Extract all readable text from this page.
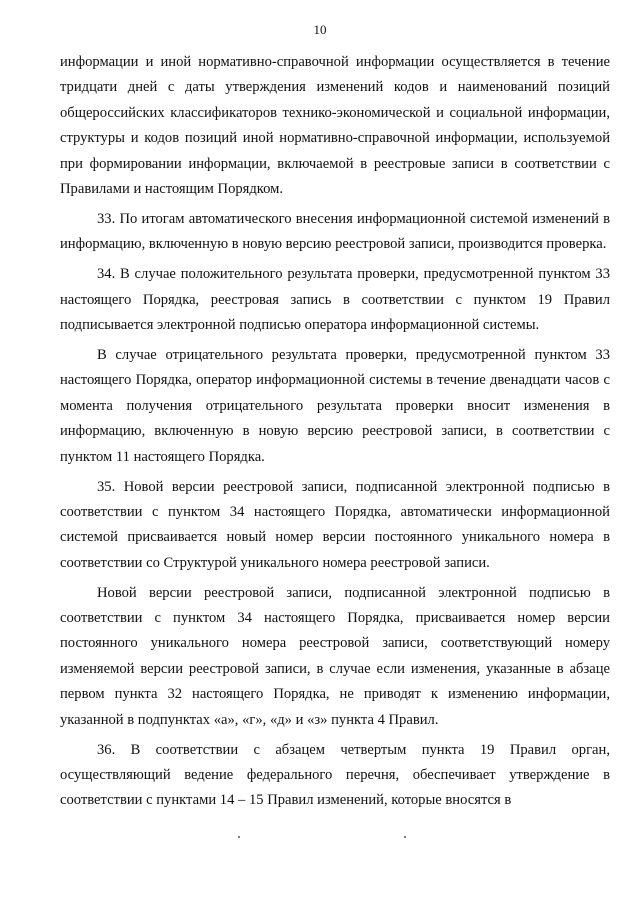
10

информации и иной нормативно-справочной информации осуществляется в течение тридцати дней с даты утверждения изменений кодов и наименований позиций общероссийских классификаторов технико-экономической и социальной информации, структуры и кодов позиций иной нормативно-справочной информации, используемой при формировании информации, включаемой в реестровые записи в соответствии с Правилами и настоящим Порядком.

33. По итогам автоматического внесения информационной системой изменений в информацию, включенную в новую версию реестровой записи, производится проверка.

34. В случае положительного результата проверки, предусмотренной пунктом 33 настоящего Порядка, реестровая запись в соответствии с пунктом 19 Правил подписывается электронной подписью оператора информационной системы.

В случае отрицательного результата проверки, предусмотренной пунктом 33 настоящего Порядка, оператор информационной системы в течение двенадцати часов с момента получения отрицательного результата проверки вносит изменения в информацию, включенную в новую версию реестровой записи, в соответствии с пунктом 11 настоящего Порядка.

35. Новой версии реестровой записи, подписанной электронной подписью в соответствии с пунктом 34 настоящего Порядка, автоматически информационной системой присваивается новый номер версии постоянного уникального номера в соответствии со Структурой уникального номера реестровой записи.

Новой версии реестровой записи, подписанной электронной подписью в соответствии с пунктом 34 настоящего Порядка, присваивается номер версии постоянного уникального номера реестровой записи, соответствующий номеру изменяемой версии реестровой записи, в случае если изменения, указанные в абзаце первом пункта 32 настоящего Порядка, не приводят к изменению информации, указанной в подпунктах «а», «г», «д» и «з» пункта 4 Правил.

36. В соответствии с абзацем четвертым пункта 19 Правил орган, осуществляющий ведение федерального перечня, обеспечивает утверждение в соответствии с пунктами 14 – 15 Правил изменений, которые вносятся в
